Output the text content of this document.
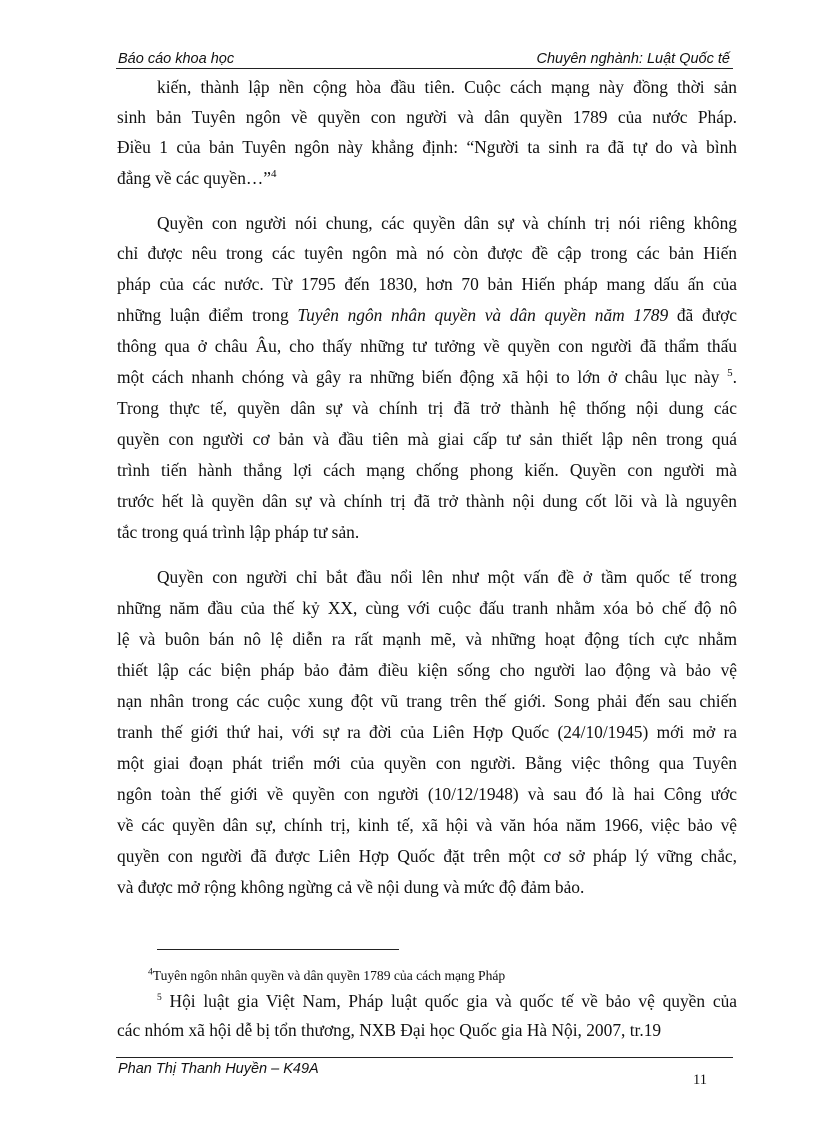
Báo cáo khoa học	Chuyên nghành: Luật Quốc tế
kiến, thành lập nền cộng hòa đầu tiên. Cuộc cách mạng này đồng thời sản
sinh bản Tuyên ngôn về quyền con người và dân quyền 1789 của nước Pháp.
Điều 1 của bản Tuyên ngôn này khẳng định: “Người ta sinh ra đã tự do và bình
đẳng về các quyền…”$^4$
Quyền con người nói chung, các quyền dân sự và chính trị nói riêng không
chỉ được nêu trong các tuyên ngôn mà nó còn được đề cập trong các bản Hiến
pháp của các nước. Từ 1795 đến 1830, hơn 70 bản Hiến pháp mang dấu ấn của
những luận điểm trong Tuyên ngôn nhân quyền và dân quyền năm 1789 đã được
thông qua ở châu Âu, cho thấy những tư tưởng về quyền con người đã thẩm thấu
một cách nhanh chóng và gây ra những biến động xã hội to lớn ở châu lục này $^5$.
Trong thực tế, quyền dân sự và chính trị đã trở thành hệ thống nội dung các
quyền con người cơ bản và đầu tiên mà giai cấp tư sản thiết lập nên trong quá
trình tiến hành thắng lợi cách mạng chống phong kiến. Quyền con người mà
trước hết là quyền dân sự và chính trị đã trở thành nội dung cốt lõi và là nguyên
tắc trong quá trình lập pháp tư sản.
Quyền con người chỉ bắt đầu nổi lên như một vấn đề ở tầm quốc tế trong
những năm đầu của thế kỷ XX, cùng với cuộc đấu tranh nhằm xóa bỏ chế độ nô
lệ và buôn bán nô lệ diễn ra rất mạnh mẽ, và những hoạt động tích cực nhằm
thiết lập các biện pháp bảo đảm điều kiện sống cho người lao động và bảo vệ
nạn nhân trong các cuộc xung đột vũ trang trên thế giới. Song phải đến sau chiến
tranh thế giới thứ hai, với sự ra đời của Liên Hợp Quốc (24/10/1945) mới mở ra
một giai đoạn phát triển mới của quyền con người. Bằng việc thông qua Tuyên
ngôn toàn thế giới về quyền con người (10/12/1948) và sau đó là hai Công ước
về các quyền dân sự, chính trị, kinh tế, xã hội và văn hóa năm 1966, việc bảo vệ
quyền con người đã được Liên Hợp Quốc đặt trên một cơ sở pháp lý vững chắc,
và được mở rộng không ngừng cả về nội dung và mức độ đảm bảo.
$^4$Tuyên ngôn nhân quyền và dân quyền 1789 của cách mạng Pháp
$^5$ Hội luật gia Việt Nam, Pháp luật quốc gia và quốc tế về bảo vệ quyền của
các nhóm xã hội dễ bị tổn thương, NXB Đại học Quốc gia Hà Nội, 2007, tr.19
Phan Thị Thanh Huyền – K49A
11
